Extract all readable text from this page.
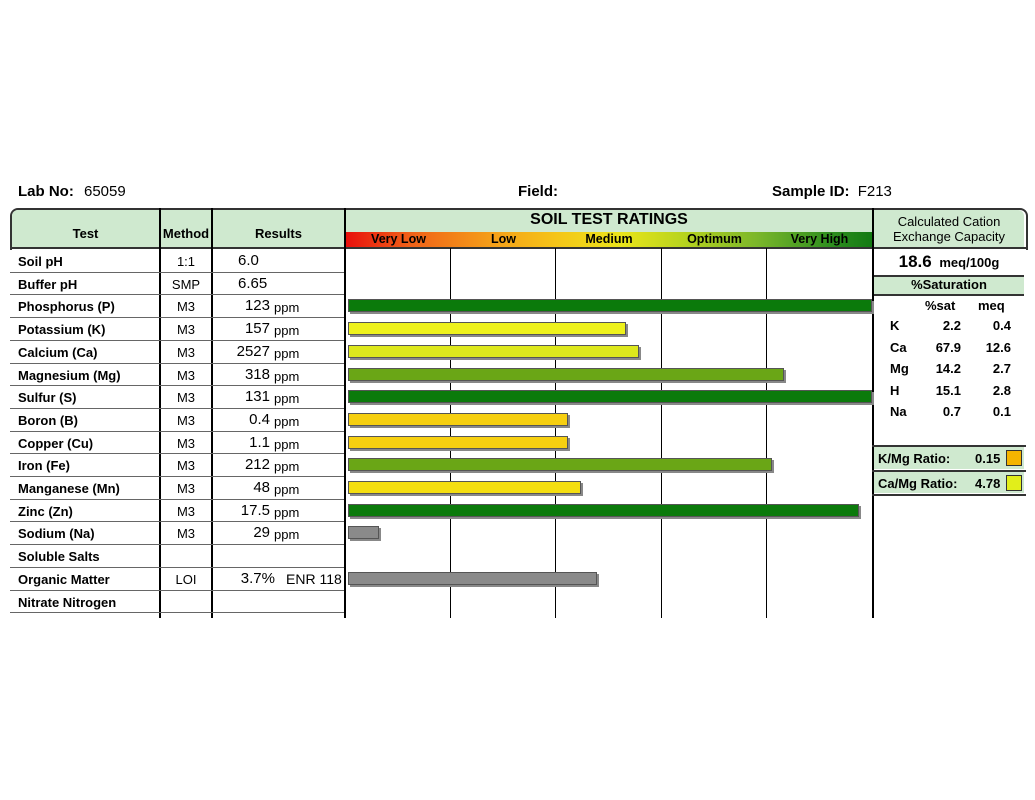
Lab No: 65059	Field:	Sample ID: F213
Test	Method	Results
SOIL TEST RATINGS	Calculated Cation
Exchange Capacity
Very Low	Low	Medium	Optimum	Very High
Soil pH	1:1	6.0
Buffer pH	SMP	6.65
Phosphorus (P)	M3	123 ppm
Potassium (K)	M3	157 ppm
Calcium (Ca)	M3	2527 ppm
Magnesium (Mg)	M3	318 ppm
Sulfur (S)	M3	131 ppm
Boron (B)	M3	0.4 ppm
Copper (Cu)	M3	1.1 ppm
Iron (Fe)	M3	212 ppm
Manganese (Mn)	M3	48 ppm
Zinc (Zn)	M3	17.5 ppm
Sodium (Na)	M3	29 ppm
Soluble Salts
Organic Matter	LOI	3.7% ENR 118
Nitrate Nitrogen
18.6 meq/100g
%Saturation
%sat meq
K	2.2	0.4
Ca	67.9	12.6
Mg	14.2	2.7
H	15.1	2.8
Na	0.7	0.1
K/Mg Ratio: 0.15
Ca/Mg Ratio: 4.78
